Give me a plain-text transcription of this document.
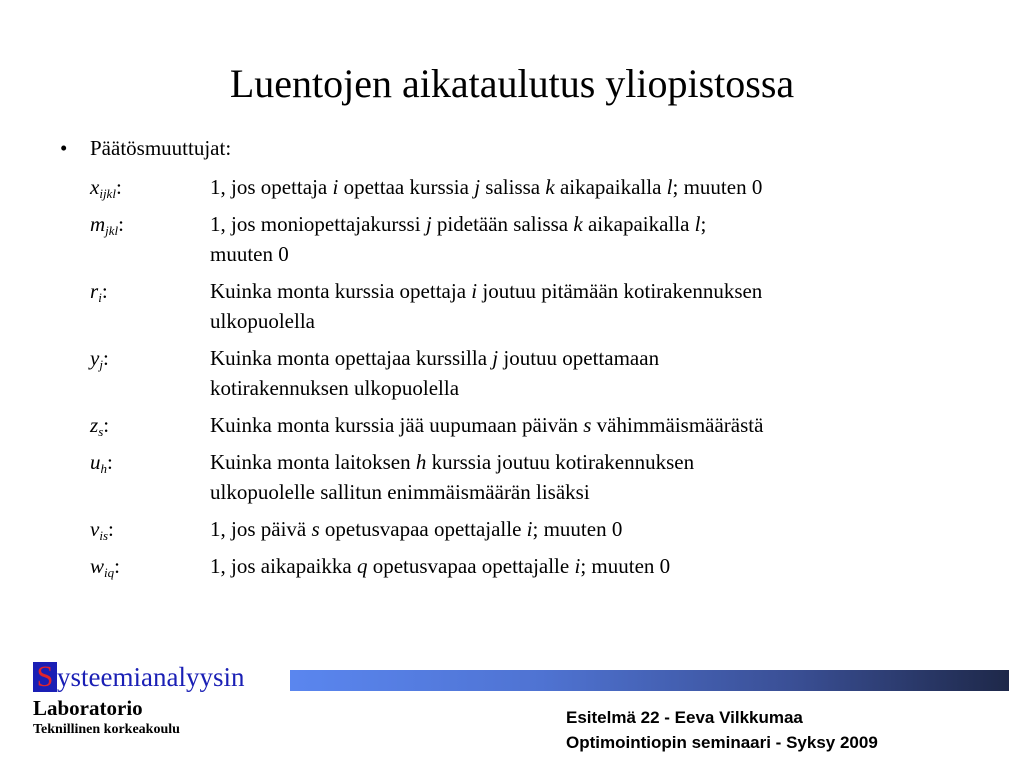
Luentojen aikataulutus yliopistossa
• Päätösmuuttujat:
$x_{ijkl}$:	1, jos opettaja i opettaa kurssia j salissa k aikapaikalla l; muuten 0
$m_{jkl}$:	1, jos moniopettajakurssi j pidetään salissa k aikapaikalla l;
muuten 0
$r_i$:	Kuinka monta kurssia opettaja i joutuu pitämään kotirakennuksen
ulkopuolella
$y_j$:	Kuinka monta opettajaa kurssilla j joutuu opettamaan
kotirakennuksen ulkopuolella
$z_s$:	Kuinka monta kurssia jää uupumaan päivän s vähimmäismäärästä
$u_h$:	Kuinka monta laitoksen h kurssia joutuu kotirakennuksen
ulkopuolelle sallitun enimmäismäärän lisäksi
$v_{is}$:	1, jos päivä s opetusvapaa opettajalle i; muuten 0
$w_{iq}$:	1, jos aikapaikka q opetusvapaa opettajalle i; muuten 0
S ysteemianalyysin
Laboratorio
Teknillinen korkeakoulu
Esitelmä 22 - Eeva Vilkkumaa
Optimointiopin seminaari - Syksy 2009
